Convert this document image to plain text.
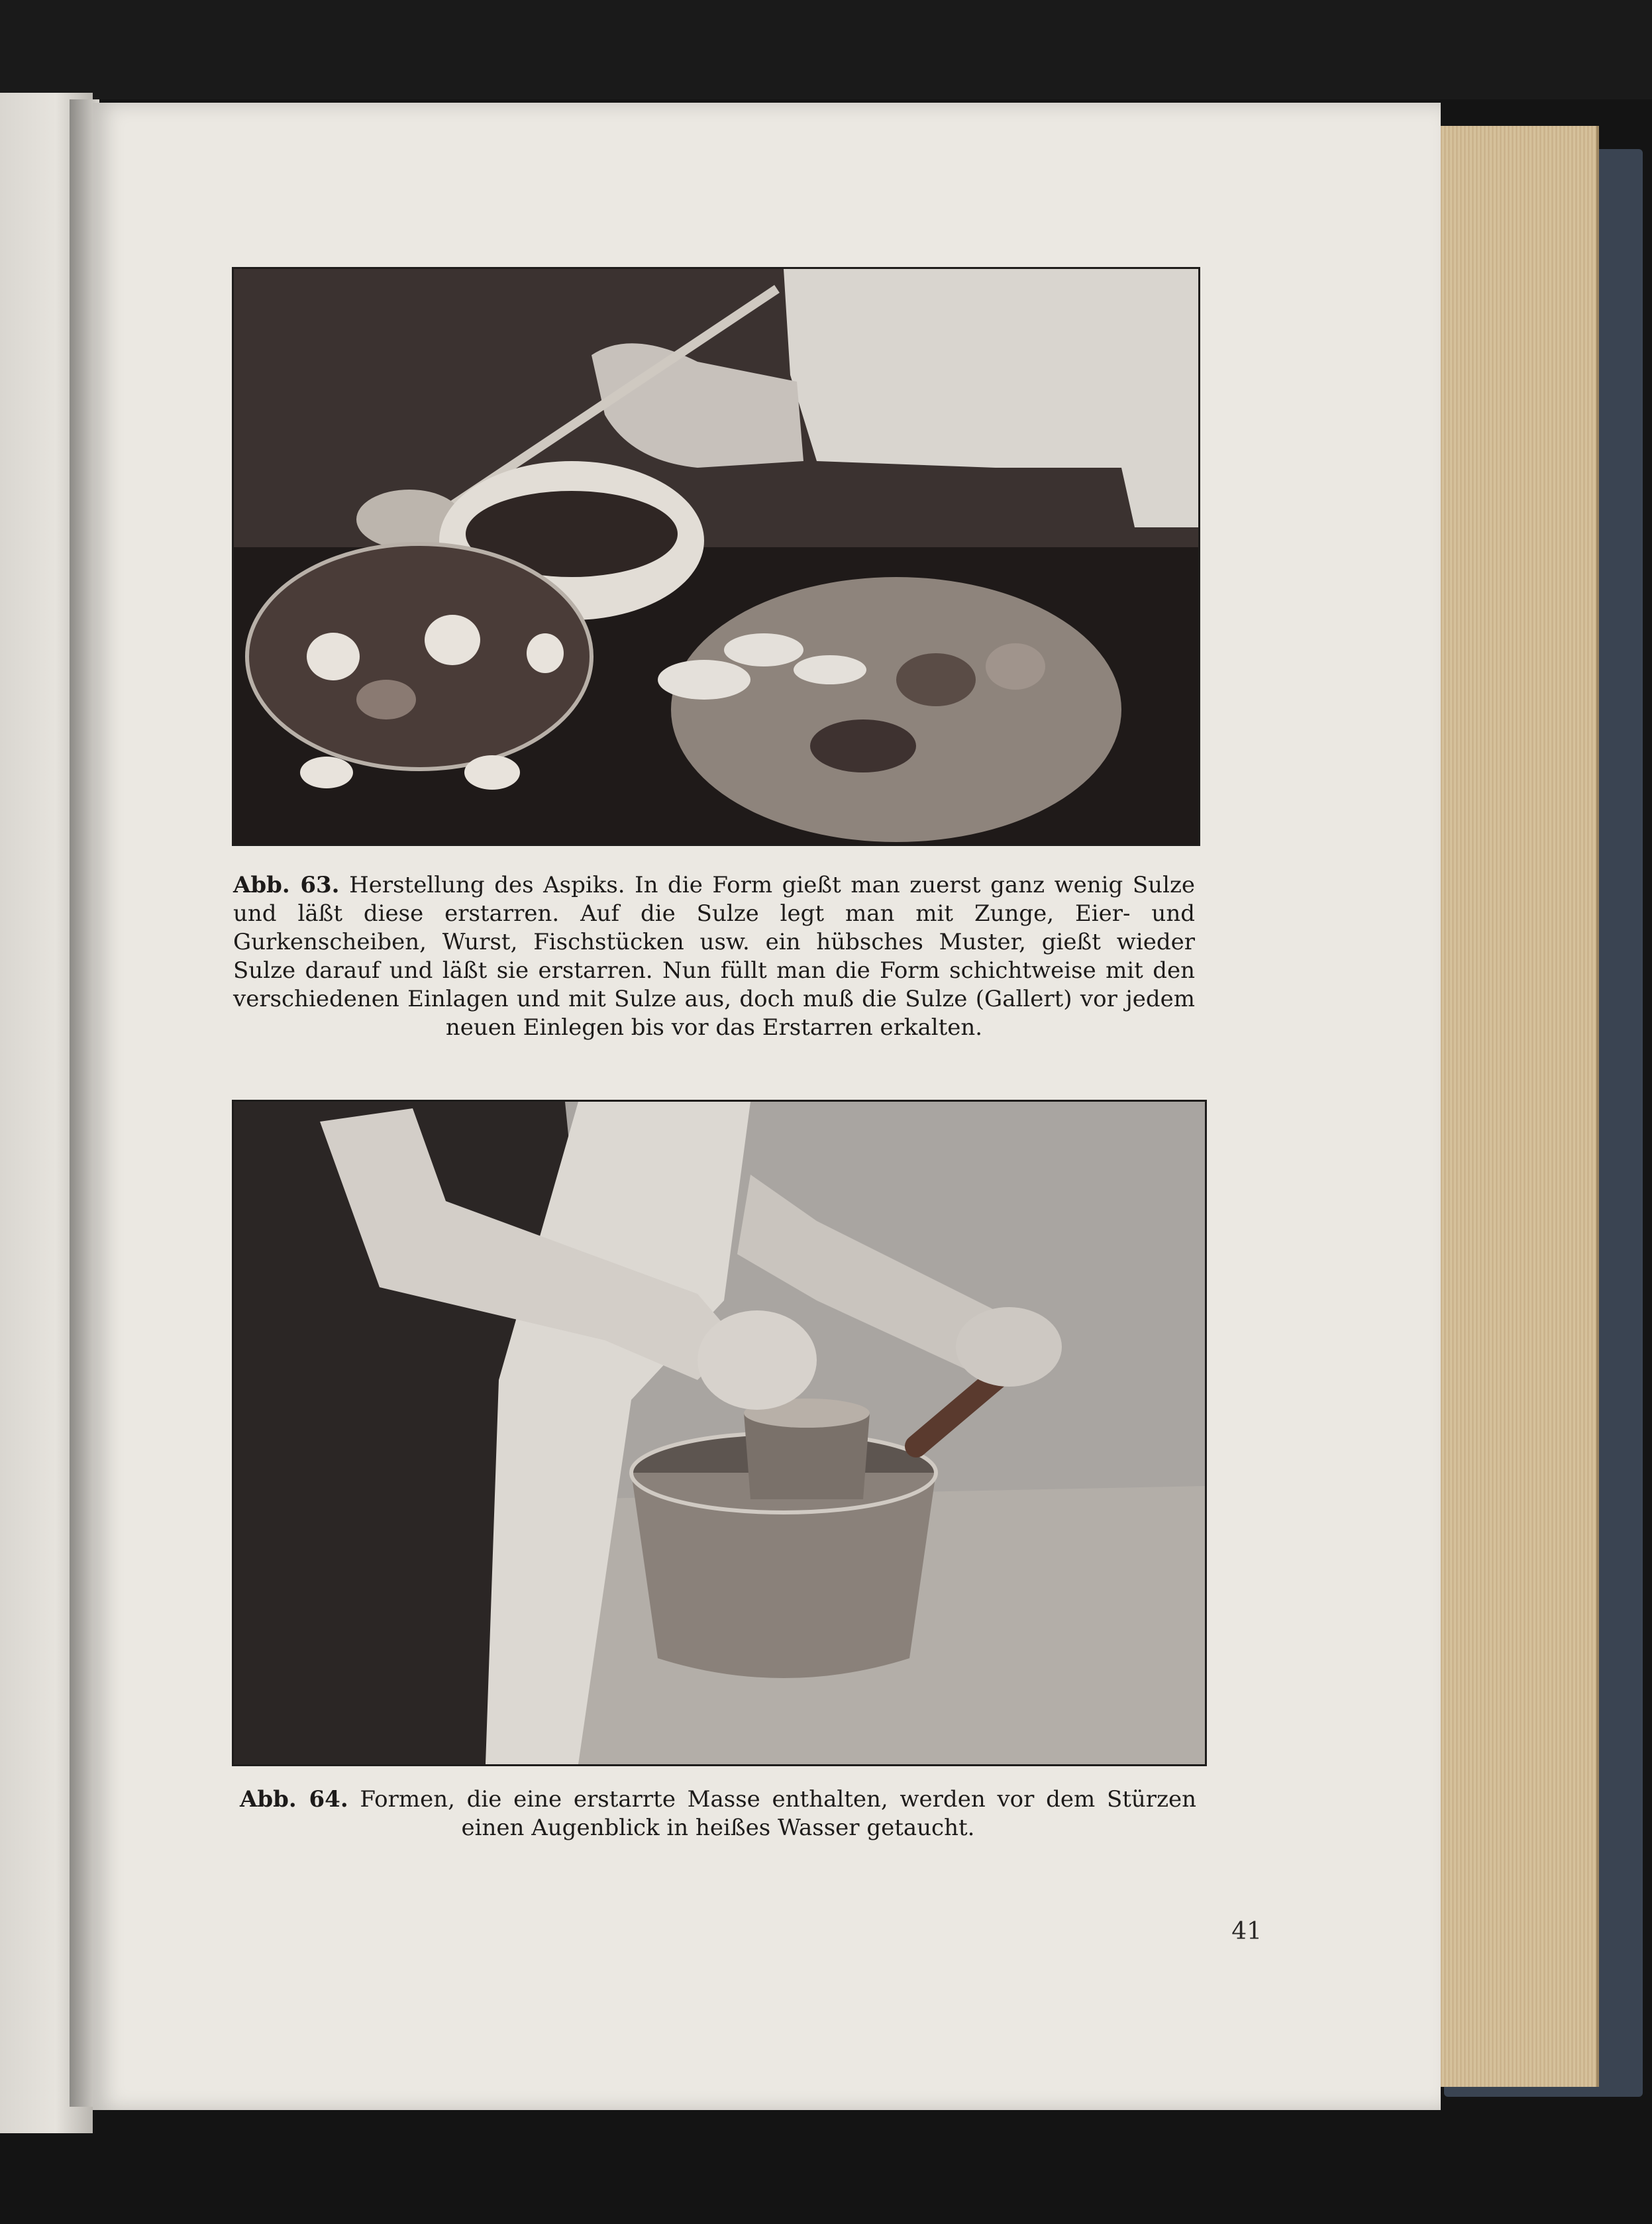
Abb. 63. Herstellung des Aspiks. In die Form gießt man zuerst ganz wenig Sulze und läßt diese erstarren. Auf die Sulze legt man mit Zunge, Eier- und Gurkenscheiben, Wurst, Fischstücken usw. ein hübsches Muster, gießt wieder Sulze darauf und läßt sie erstarren. Nun füllt man die Form schichtweise mit den verschiedenen Einlagen und mit Sulze aus, doch muß die Sulze (Gallert) vor jedem neuen Einlegen bis vor das Erstarren erkalten.
Abb. 64. Formen, die eine erstarrte Masse enthalten, werden vor dem Stürzen einen Augenblick in heißes Wasser getaucht.
41
